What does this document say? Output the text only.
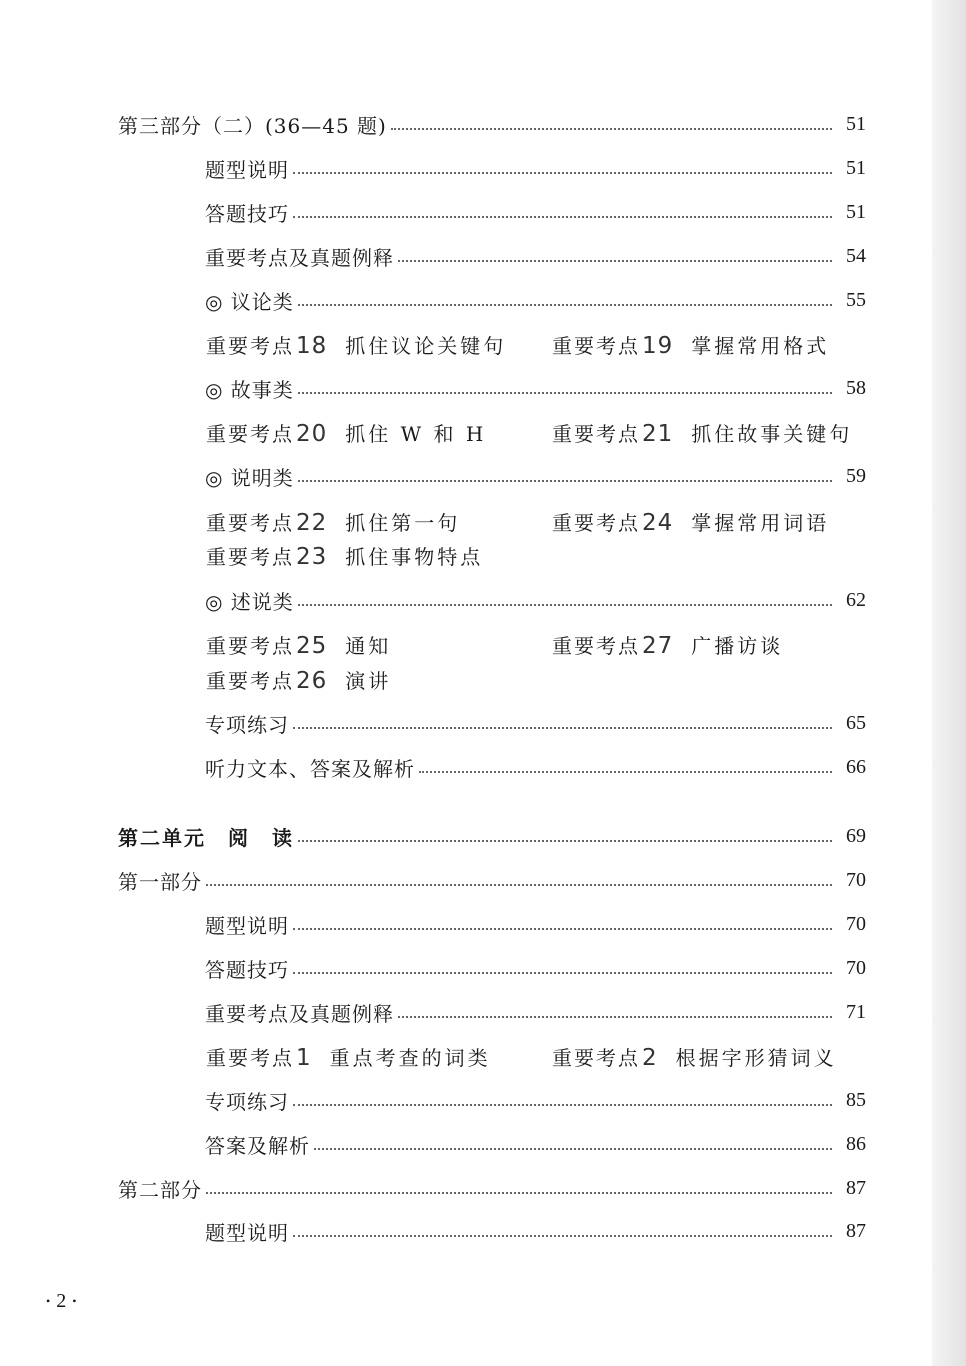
第三部分（二）(36—45 题)	51
题型说明	51
答题技巧	51
重要考点及真题例释	54
◎ 议论类	55
重要考点 18 抓住议论关键句 重要考点 19 掌握常用格式
◎ 故事类	58
重要考点 20 抓住 W 和 H	重要考点 21 抓住故事关键句
◎ 说明类	59
重要考点 22 抓住第一句	重要考点 24 掌握常用词语
重要考点 23 抓住事物特点
◎ 述说类	62
重要考点 25 通知	重要考点 27 广播访谈
重要考点 26 演讲
专项练习	65
听力文本、答案及解析	66
第二单元　阅　读	69
第一部分	70
题型说明	70
答题技巧	70
重要考点及真题例释	71
重要考点 1 重点考查的词类	重要考点 2 根据字形猜词义
专项练习	85
答案及解析	86
第二部分	87
题型说明	87
• 2 •
